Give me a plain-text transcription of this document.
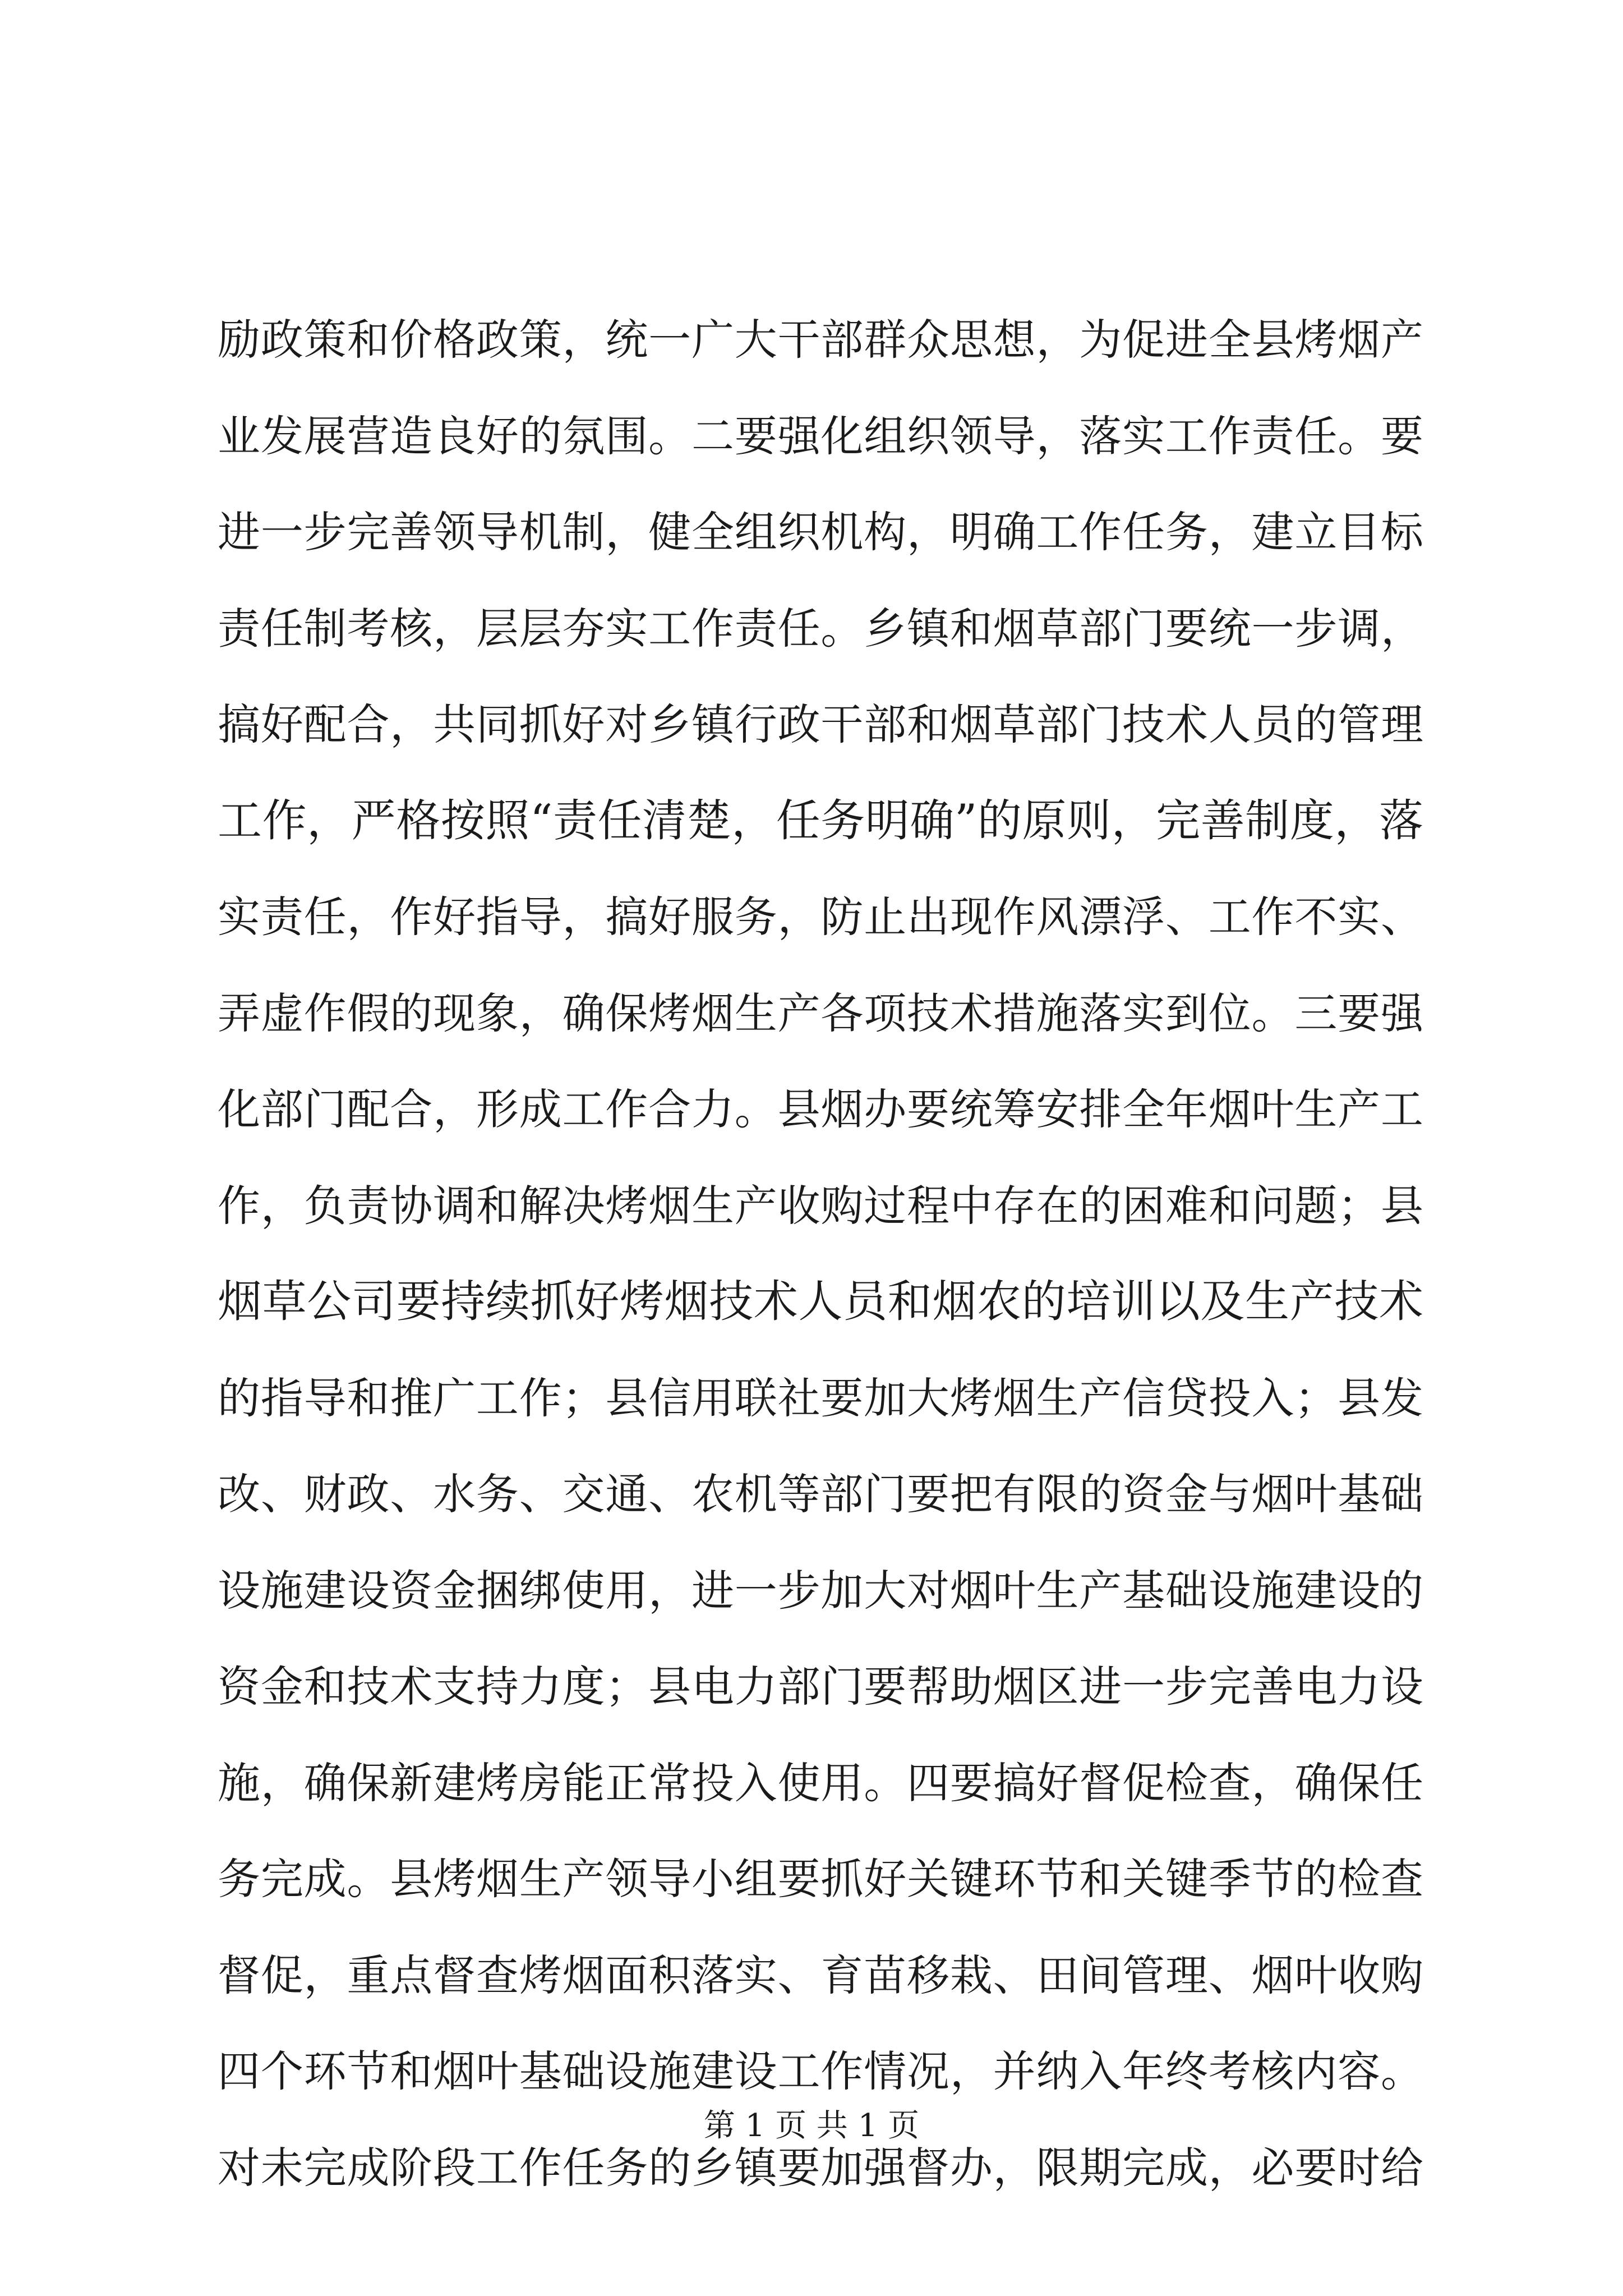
励政策和价格政策，统一广大干部群众思想，为促进全县烤烟产
业发展营造良好的氛围。二要强化组织领导，落实工作责任。要
进一步完善领导机制，健全组织机构，明确工作任务，建立目标
责任制考核，层层夯实工作责任。乡镇和烟草部门要统一步调，
搞好配合，共同抓好对乡镇行政干部和烟草部门技术人员的管理
工作，严格按照“责任清楚，任务明确”的原则，完善制度，落
实责任，作好指导，搞好服务，防止出现作风漂浮、工作不实、
弄虚作假的现象，确保烤烟生产各项技术措施落实到位。三要强
化部门配合，形成工作合力。县烟办要统筹安排全年烟叶生产工
作，负责协调和解决烤烟生产收购过程中存在的困难和问题；县
烟草公司要持续抓好烤烟技术人员和烟农的培训以及生产技术
的指导和推广工作；县信用联社要加大烤烟生产信贷投入；县发
改、财政、水务、交通、农机等部门要把有限的资金与烟叶基础
设施建设资金捆绑使用，进一步加大对烟叶生产基础设施建设的
资金和技术支持力度；县电力部门要帮助烟区进一步完善电力设
施，确保新建烤房能正常投入使用。四要搞好督促检查，确保任
务完成。县烤烟生产领导小组要抓好关键环节和关键季节的检查
督促，重点督查烤烟面积落实、育苗移栽、田间管理、烟叶收购
四个环节和烟叶基础设施建设工作情况，并纳入年终考核内容。
对未完成阶段工作任务的乡镇要加强督办，限期完成，必要时给
第 1 页 共 1 页
